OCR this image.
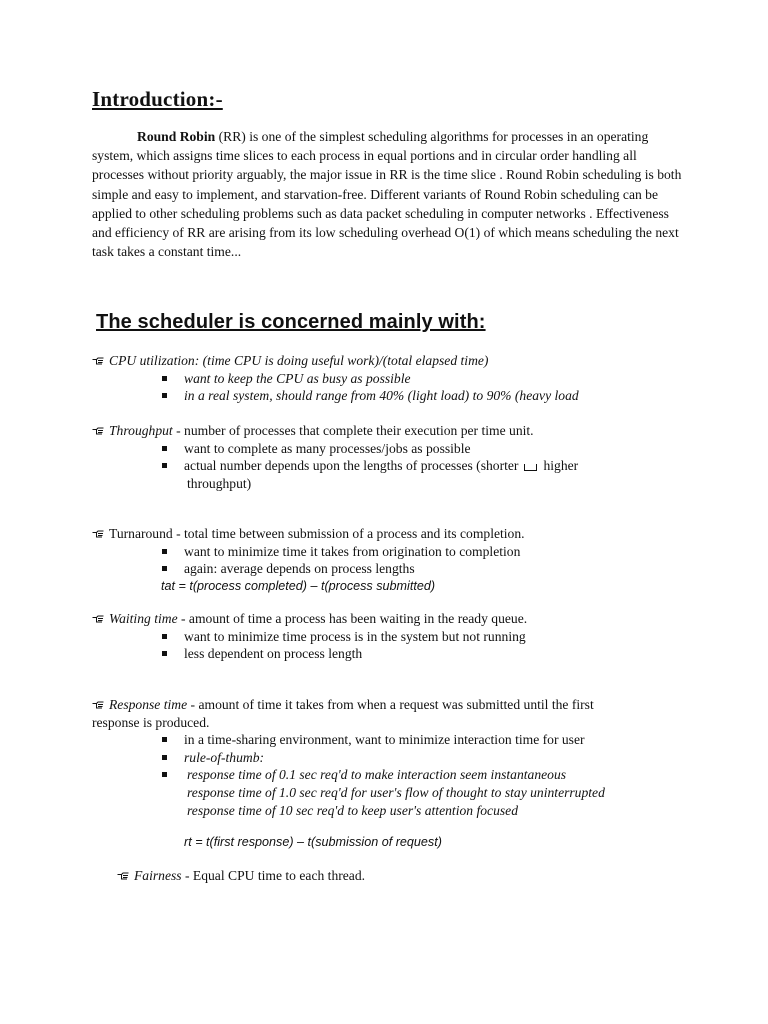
Introduction:-
Round Robin (RR) is one of the simplest scheduling algorithms for processes in an operating system, which assigns time slices to each process in equal portions and in circular order handling all processes without priority arguably, the major issue in RR is the time slice . Round Robin scheduling is both simple and easy to implement, and starvation-free. Different variants of Round Robin scheduling can be applied to other scheduling problems such as data packet scheduling in computer networks . Effectiveness and efficiency of RR are arising from its low scheduling overhead O(1) of which means scheduling the next task takes a constant time...
The scheduler is concerned mainly with:
CPU utilization: (time CPU is doing useful work)/(total elapsed time)
want to keep the CPU as busy as possible
in a real system, should range from 40% (light load) to 90% (heavy load
Throughput - number of processes that complete their execution per time unit.
want to complete as many processes/jobs as possible
actual number depends upon the lengths of processes (shorter higher
throughput)
Turnaround - total time between submission of a process and its completion.
want to minimize time it takes from origination to completion
again: average depends on process lengths
tat = t(process completed) – t(process submitted)
Waiting time - amount of time a process has been waiting in the ready queue.
want to minimize time process is in the system but not running
less dependent on process length
Response time - amount of time it takes from when a request was submitted until the first
response is produced.
in a time-sharing environment, want to minimize interaction time for user
rule-of-thumb:
response time of 0.1 sec req'd to make interaction seem instantaneous
response time of 1.0 sec req'd for user's flow of thought to stay uninterrupted
response time of 10 sec req'd to keep user's attention focused
rt = t(first response) – t(submission of request)
Fairness - Equal CPU time to each thread.
